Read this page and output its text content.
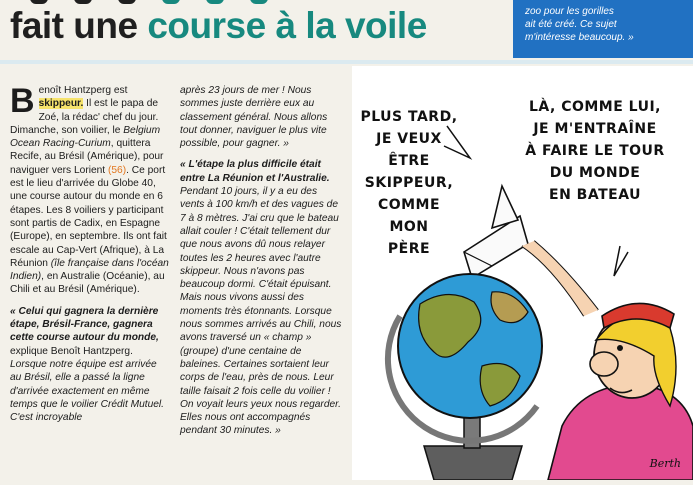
fait une course à la voile	zoo pour les gorilles

ait été créé. Ce sujet

m'intéresse beaucoup. »

Benoît Hantzperg est skippeur. Il est le papa de Zoé, la rédac' chef du jour. Dimanche, son voilier, le Belgium Ocean Racing-Curium, quittera Recife, au Brésil (Amérique), pour naviguer vers Lorient (56). Ce port est le lieu d'arrivée du Globe 40, une course autour du monde en 6 étapes. Les 8 voiliers y participant sont partis de Cadix, en Espagne (Europe), en septembre. Ils ont fait escale au Cap-Vert (Afrique), à La Réunion (île française dans l'océan Indien), en Australie (Océanie), au Chili et au Brésil (Amérique).

« Celui qui gagnera la dernière étape, Brésil-France, gagnera cette course autour du monde, explique Benoît Hantzperg. Lorsque notre équipe est arrivée au Brésil, elle a passé la ligne d'arrivée exactement en même temps que le voilier Crédit Mutuel. C'est incroyable

après 23 jours de mer ! Nous sommes juste derrière eux au classement général. Nous allons tout donner, naviguer le plus vite possible, pour gagner. »

« L'étape la plus difficile était entre La Réunion et l'Australie. Pendant 10 jours, il y a eu des vents à 100 km/h et des vagues de 7 à 8 mètres. J'ai cru que le bateau allait couler ! C'était tellement dur que nous avons dû nous relayer toutes les 2 heures avec l'autre skippeur. Nous n'avons pas beaucoup dormi. C'était épuisant. Mais nous vivons aussi des moments très étonnants. Lorsque nous sommes arrivés au Chili, nous avons traversé un « champ » (groupe) d'une centaine de baleines. Certaines sortaient leur corps de l'eau, près de nous. Leur taille faisait 2 fois celle du voilier ! On voyait leurs yeux nous regarder. Elles nous ont accompagnés pendant 30 minutes. »

PLUS TARD,
JE VEUX
ÊTRE
SKIPPEUR,
COMME
MON
PÈRE
LÀ, COMME LUI,
JE M'ENTRAÎNE
À FAIRE LE TOUR
DU MONDE
EN BATEAU
Berth
